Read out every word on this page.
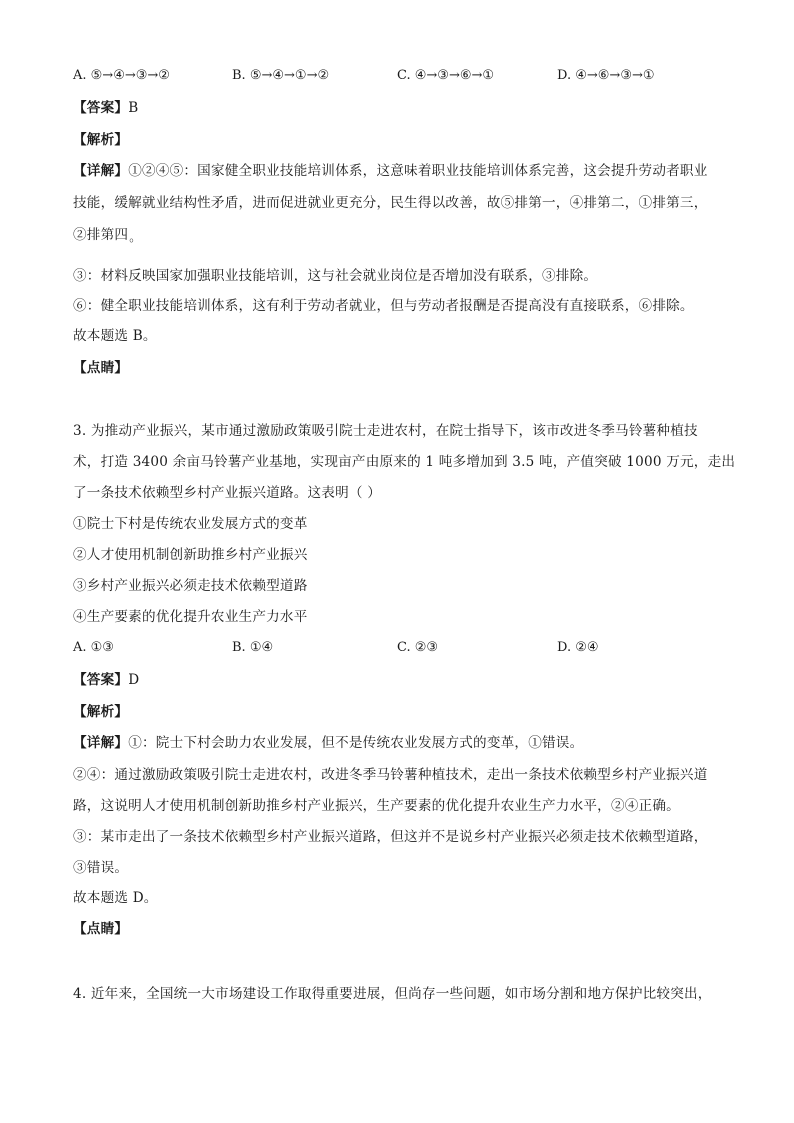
A. ⑤→④→③→②	B. ⑤→④→①→②	C. ④→③→⑥→①	D. ④→⑥→③→①
【答案】B
【解析】
【详解】①②④⑤：国家健全职业技能培训体系，这意味着职业技能培训体系完善，这会提升劳动者职业
技能，缓解就业结构性矛盾，进而促进就业更充分，民生得以改善，故⑤排第一，④排第二，①排第三，
②排第四。
③：材料反映国家加强职业技能培训，这与社会就业岗位是否增加没有联系，③排除。
⑥：健全职业技能培训体系，这有利于劳动者就业，但与劳动者报酬是否提高没有直接联系，⑥排除。
故本题选 B。
【点睛】
3. 为推动产业振兴，某市通过激励政策吸引院士走进农村，在院士指导下，该市改进冬季马铃薯种植技
术，打造 3400 余亩马铃薯产业基地，实现亩产由原来的 1 吨多增加到 3.5 吨，产值突破 1000 万元，走出
了一条技术依赖型乡村产业振兴道路。这表明（ ）
①院士下村是传统农业发展方式的变革
②人才使用机制创新助推乡村产业振兴
③乡村产业振兴必须走技术依赖型道路
④生产要素的优化提升农业生产力水平
A. ①③	B. ①④	C. ②③	D. ②④
【答案】D
【解析】
【详解】①：院士下村会助力农业发展，但不是传统农业发展方式的变革，①错误。
②④：通过激励政策吸引院士走进农村，改进冬季马铃薯种植技术，走出一条技术依赖型乡村产业振兴道
路，这说明人才使用机制创新助推乡村产业振兴，生产要素的优化提升农业生产力水平，②④正确。
③：某市走出了一条技术依赖型乡村产业振兴道路，但这并不是说乡村产业振兴必须走技术依赖型道路，
③错误。
故本题选 D。
【点睛】
4. 近年来，全国统一大市场建设工作取得重要进展，但尚存一些问题，如市场分割和地方保护比较突出，
